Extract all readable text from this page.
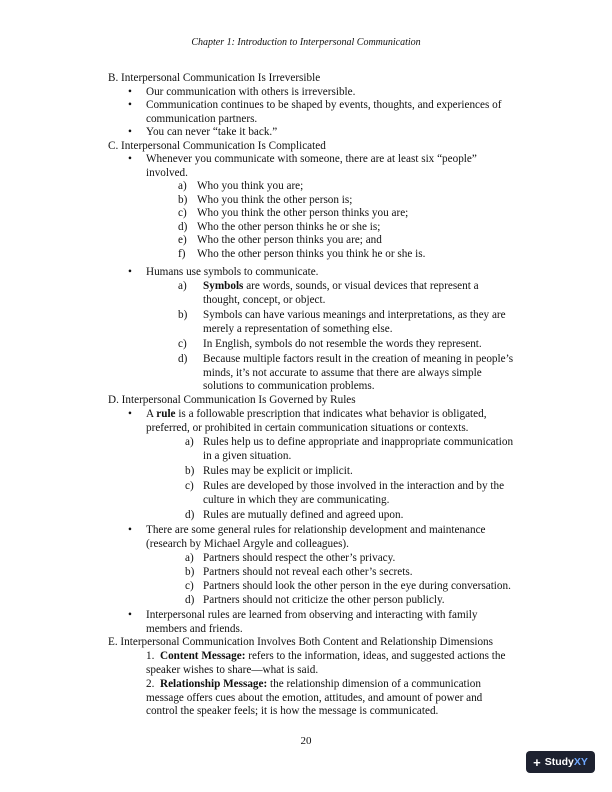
Chapter 1: Introduction to Interpersonal Communication
B. Interpersonal Communication Is Irreversible
• Our communication with others is irreversible.
• Communication continues to be shaped by events, thoughts, and experiences of
communication partners.
• You can never “take it back.”
C. Interpersonal Communication Is Complicated
• Whenever you communicate with someone, there are at least six “people”
involved.
a) Who you think you are;
b) Who you think the other person is;
c) Who you think the other person thinks you are;
d) Who the other person thinks he or she is;
e) Who the other person thinks you are; and
f) Who the other person thinks you think he or she is.
• Humans use symbols to communicate.
a) Symbols are words, sounds, or visual devices that represent a
thought, concept, or object.
b) Symbols can have various meanings and interpretations, as they are
merely a representation of something else.
c) In English, symbols do not resemble the words they represent.
d) Because multiple factors result in the creation of meaning in people’s
minds, it’s not accurate to assume that there are always simple
solutions to communication problems.
D. Interpersonal Communication Is Governed by Rules
• A rule is a followable prescription that indicates what behavior is obligated,
preferred, or prohibited in certain communication situations or contexts.
a) Rules help us to define appropriate and inappropriate communication
in a given situation.
b) Rules may be explicit or implicit.
c) Rules are developed by those involved in the interaction and by the
culture in which they are communicating.
d) Rules are mutually defined and agreed upon.
• There are some general rules for relationship development and maintenance
(research by Michael Argyle and colleagues).
a) Partners should respect the other’s privacy.
b) Partners should not reveal each other’s secrets.
c) Partners should look the other person in the eye during conversation.
d) Partners should not criticize the other person publicly.
• Interpersonal rules are learned from observing and interacting with family
members and friends.
E. Interpersonal Communication Involves Both Content and Relationship Dimensions
1. Content Message: refers to the information, ideas, and suggested actions the
speaker wishes to share—what is said.
2. Relationship Message: the relationship dimension of a communication
message offers cues about the emotion, attitudes, and amount of power and
control the speaker feels; it is how the message is communicated.
20
+ StudyXY
